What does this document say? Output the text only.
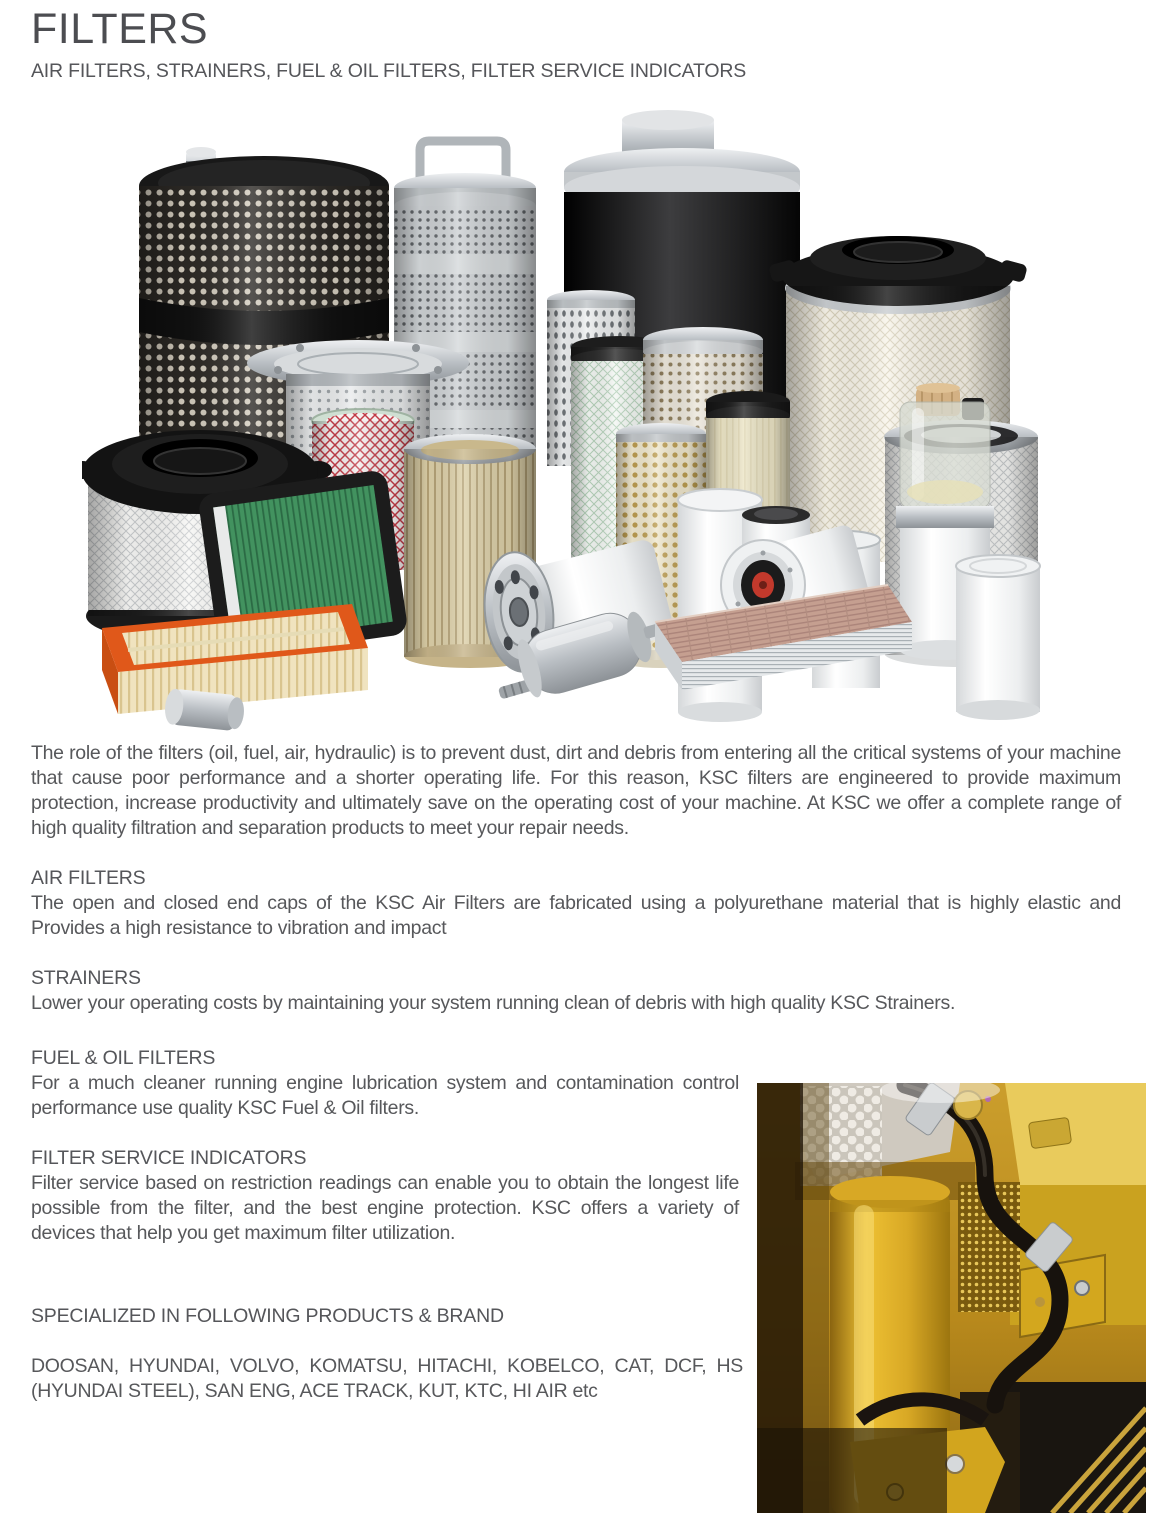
FILTERS
AIR FILTERS, STRAINERS, FUEL & OIL FILTERS, FILTER SERVICE INDICATORS

The role of the filters (oil, fuel, air, hydraulic) is to prevent dust, dirt and debris from entering all the critical systems of your machine that cause poor performance and a shorter operating life. For this reason, KSC filters are engineered to provide maximum protection, increase productivity and ultimately save on the operating cost of your machine. At KSC we offer a complete range of high quality filtration and separation products to meet your repair needs.

AIR FILTERS

The open and closed end caps of the KSC Air Filters are fabricated using a polyurethane material that is highly elastic and Provides a high resistance to vibration and impact

STRAINERS

Lower your operating costs by maintaining your system running clean of debris with high quality KSC Strainers.

FUEL & OIL FILTERS

For a much cleaner running engine lubrication system and contamination control performance use quality KSC Fuel & Oil filters.

FILTER SERVICE INDICATORS

Filter service based on restriction readings can enable you to obtain the longest life possible from the filter, and the best engine protection. KSC offers a variety of devices that help you get maximum filter utilization.

SPECIALIZED IN FOLLOWING PRODUCTS & BRAND

DOOSAN, HYUNDAI, VOLVO, KOMATSU, HITACHI, KOBELCO, CAT, DCF, HS (HYUNDAI STEEL), SAN ENG, ACE TRACK, KUT, KTC, HI AIR etc
